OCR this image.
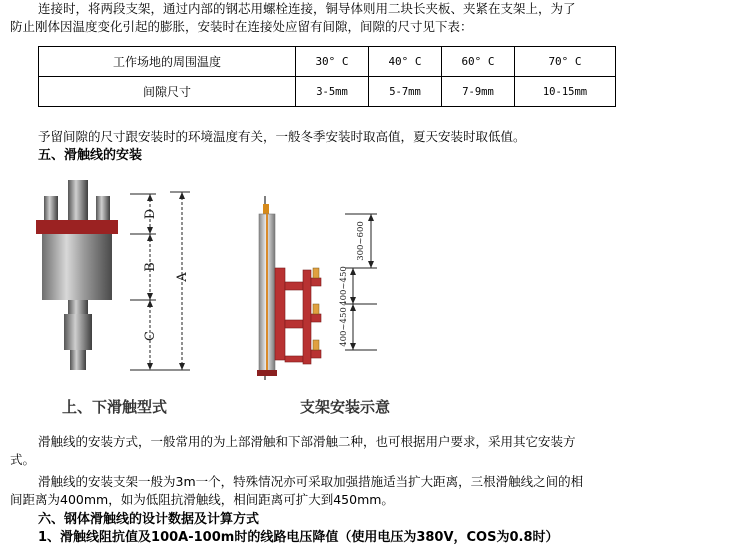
连接时，将两段支架，通过内部的钢芯用螺栓连接，铜导体则用二块长夹板、夹紧在支架上，为了
防止刚体因温度变化引起的膨胀，安装时在连接处应留有间隙，间隙的尺寸见下表：
工作场地的周围温度	30° C	40° C	60° C	70° C
间隙尺寸	3-5mm	5-7mm	7-9mm	10-15mm
予留间隙的尺寸跟安装时的环境温度有关，一般冬季安装时取高值，夏天安装时取低值。
五、滑触线的安装
D
B
C
A
上、下滑触型式
300~600
400~450
400~450
支架安装示意
滑触线的安装方式，一般常用的为上部滑触和下部滑触二种，也可根据用户要求，采用其它安装方
式。
滑触线的安装支架一般为3m一个，特殊情况亦可采取加强措施适当扩大距离，三根滑触线之间的相
间距离为400mm，如为低阻抗滑触线，相间距离可扩大到450mm。
六、钢体滑触线的设计数据及计算方式
1、滑触线阻抗值及100A-100m时的线路电压降值（使用电压为380V，COS为0.8时）
